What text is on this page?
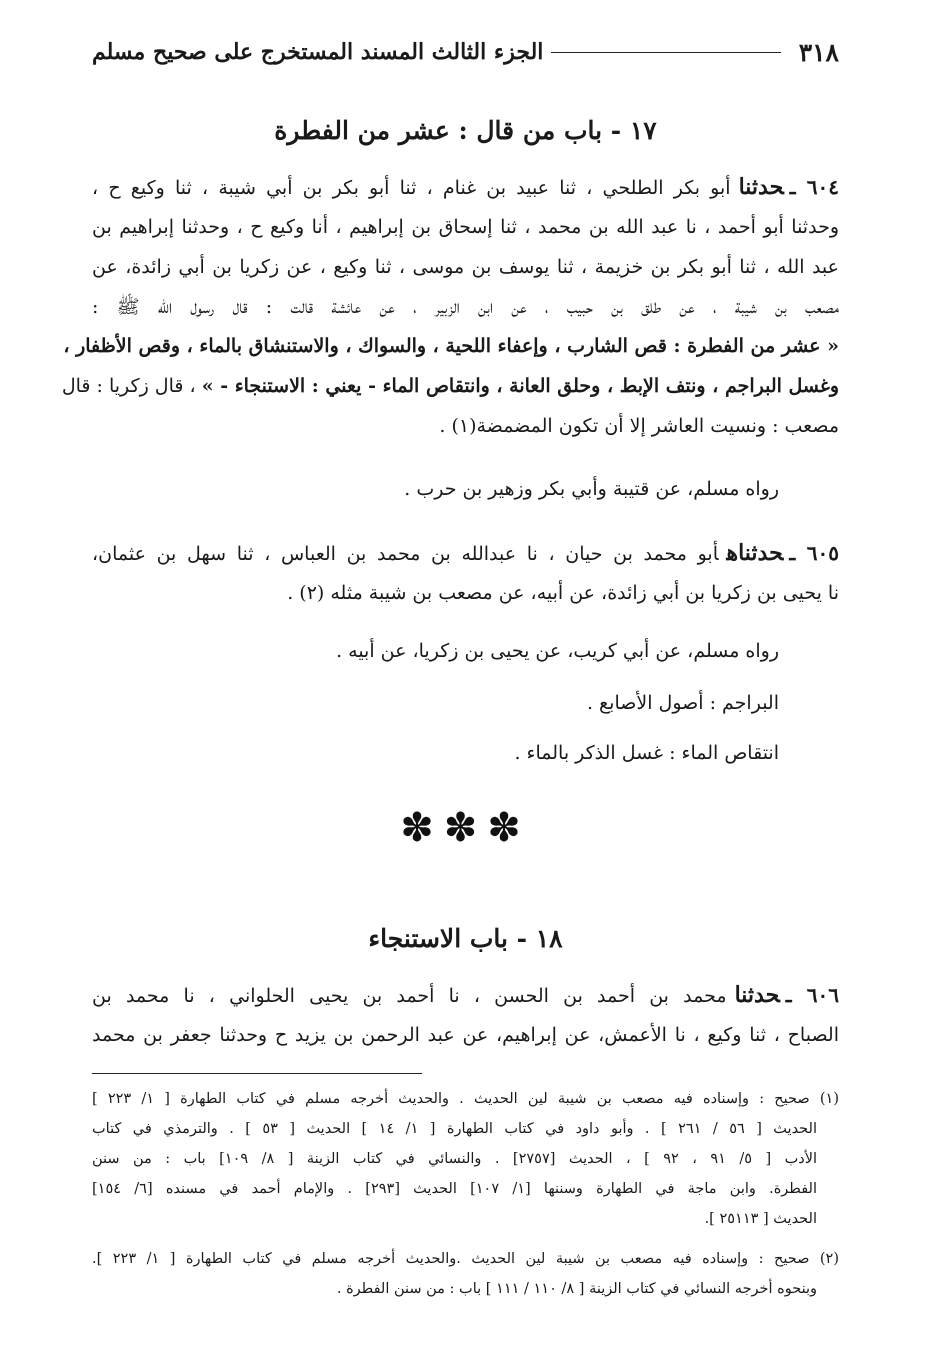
٣١٨
الجزء الثالث المسند المستخرج على صحيح مسلم
١٧ - باب من قال : عشر من الفطرة
٦٠٤ ـحدثناأبو بكر الطلحي ، ثنا عبيد بن غنام ، ثنا أبو بكر بن أبي شيبة ، ثنا وكيع ح ،
وحدثنا أبو أحمد ، نا عبد الله بن محمد ، ثنا إسحاق بن إبراهيم ، أنا وكيع ح ، وحدثنا إبراهيم بن
عبد الله ، ثنا أبو بكر بن خزيمة ، ثنا يوسف بن موسى ، ثنا وكيع ، عن زكريا بن أبي زائدة، عن
مصعب بن شيبة ، عن طلق بن حبيب ، عن ابن الزبير ، عن عائشة قالت : قال رسول الله ﷺ :
« عشر من الفطرة : قص الشارب ، وإعفاء اللحية ، والسواك ، والاستنشاق بالماء ، وقص الأظفار ،
وغسل البراجم ، ونتف الإبط ، وحلق العانة ، وانتقاص الماء - يعني : الاستنجاء - » ، قال زكريا : قال
مصعب : ونسيت العاشر إلا أن تكون المضمضة(١) .
رواه مسلم، عن قتيبة وأبي بكر وزهير بن حرب .
٦٠٥ ـحدثناهأبو محمد بن حيان ، نا عبدالله بن محمد بن العباس ، ثنا سهل بن عثمان،
نا يحيى بن زكريا بن أبي زائدة، عن أبيه، عن مصعب بن شيبة مثله (٢) .
رواه مسلم، عن أبي كريب، عن يحيى بن زكريا، عن أبيه .
البراجم : أصول الأصابع .
انتقاص الماء : غسل الذكر بالماء .
✽✽✽
١٨ - باب الاستنجاء
٦٠٦ ـحدثنامحمد بن أحمد بن الحسن ، نا أحمد بن يحيى الحلواني ، نا محمد بن
الصباح ، ثنا وكيع ، نا الأعمش، عن إبراهيم، عن عبد الرحمن بن يزيد ح وحدثنا جعفر بن محمد
(١) صحيح : وإسناده فيه مصعب بن شيبة لين الحديث . والحديث أخرجه مسلم في كتاب الطهارة [ ١/ ٢٢٣ ]
الحديث [ ٥٦ / ٢٦١ ] . وأبو داود في كتاب الطهارة [ ١/ ١٤ ] الحديث [ ٥٣ ] . والترمذي في كتاب
الأدب [ ٥/ ٩١ ، ٩٢ ] ، الحديث [٢٧٥٧] . والنسائي في كتاب الزينة [ ٨/ ١٠٩] باب : من سنن
الفطرة. وابن ماجة في الطهارة وسننها [١/ ١٠٧] الحديث [٢٩٣] . والإمام أحمد في مسنده [٦/ ١٥٤]
الحديث [ ٢٥١١٣ ].
(٢) صحيح : وإسناده فيه مصعب بن شيبة لين الحديث .والحديث أخرجه مسلم في كتاب الطهارة [ ١/ ٢٢٣ ].
وبنحوه أخرجه النسائي في كتاب الزينة [ ٨/ ١١٠ / ١١١ ] باب : من سنن الفطرة .
